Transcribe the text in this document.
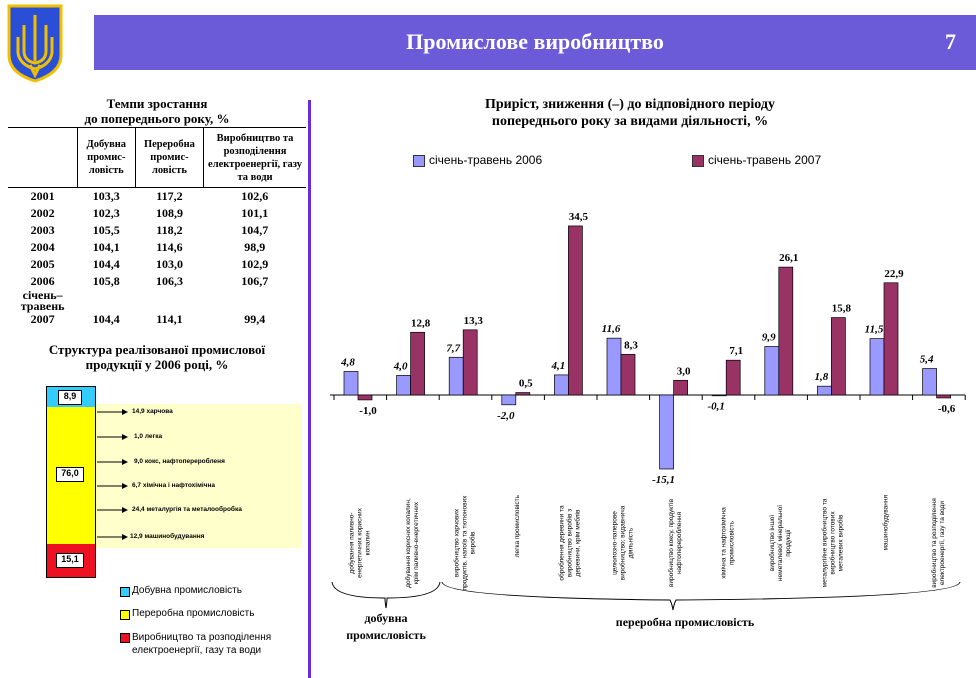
Промислове виробництво	7
Темпи зростання
до попереднього року, %
	Добувна промис-ловість	Переробна промис-ловість	Виробництво та розподілення електроенергії, газу та води
2001	103,3	117,2	102,6
2002	102,3	108,9	101,1
2003	105,5	118,2	104,7
2004	104,1	114,6	98,9
2005	104,4	103,0	102,9
2006	105,8	106,3	106,7

січень–
травень
2007	104,4	114,1	99,4
Структура реалізованої промислової
продукції у 2006 році, %
8,9
76,0
15,1
14,9 харчова
1,0 легка
9,0 кокс, нафтопереробленя
6,7 хімічна і нафтохімічна
24,4 металургія та металообробка
12,9 машинобудування
Добувна промисловість
Переробна промисловість
Виробництво та розподілення електроенергії, газу та води
Приріст, зниження (–) до відповідного періоду
попереднього року за видами діяльності, %
січень-травень 2006	січень-травень 2007
4,8	4,0
7,7
-2,0
4,1
11,6
-15,1
-0,1
9,9
1,8
11,5
5,4
-1,0
12,8	13,3
0,5
34,5
8,3
3,0
7,1
26,1
15,8
22,9
-0,6
добування паливно-енергетичних корисних копалин	добування корисних копалин, крім паливно-енергетичних	виробництво харчових продуктів, напоїв та тютюнових виробів	легка промисловість	оброблення деревини та виробництво виробів з деревини, крім меблів	целюлозно-паперове виробництво; видавнича діяльність	виробництво коксу, продуктів нафтоперероблення	хімічна та нафтохімічна промисловість	виробництво іншої неметалевої мінеральної продукції	металургійне виробництво та виробництво готових металевих виробів	машинобудування	виробництво та розподілення електроенергії, газу та води
добувна
промисловість
переробна промисловість
